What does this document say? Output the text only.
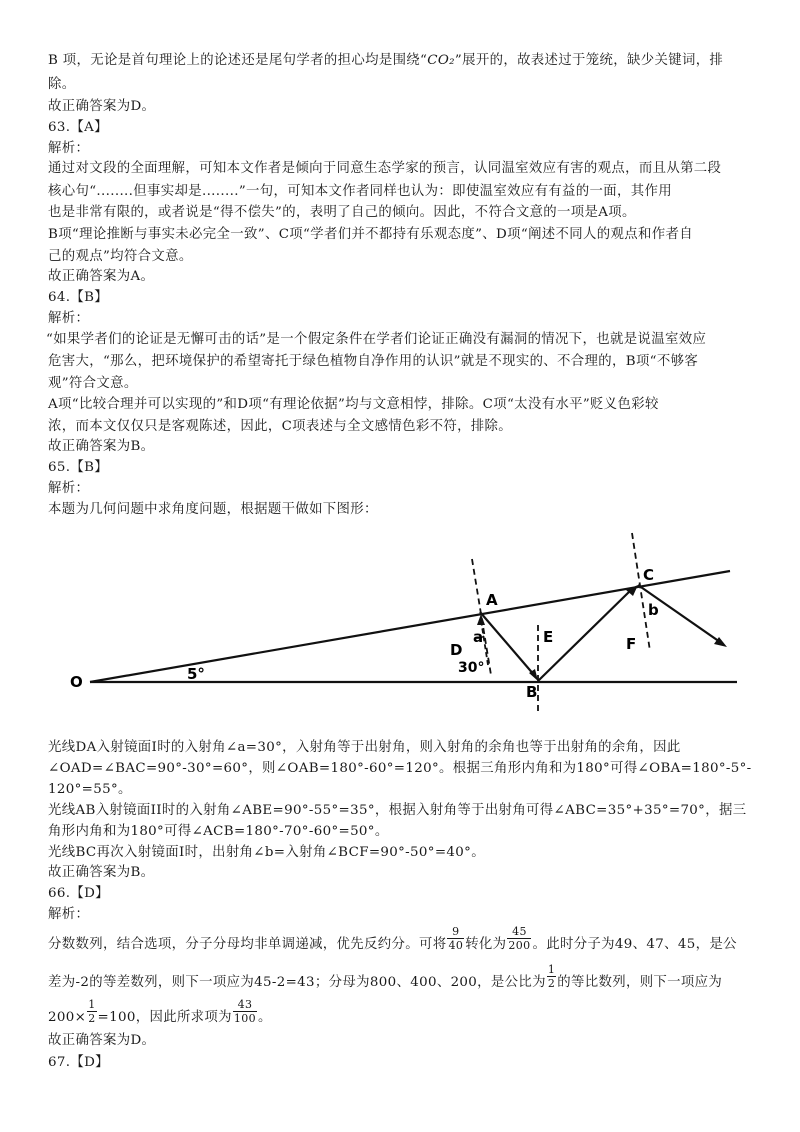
B 项，无论是首句理论上的论述还是尾句学者的担心均是围绕“CO₂”展开的，故表述过于笼统，缺少关键词，排
除。
故正确答案为D。
63.【A】
解析：
通过对文段的全面理解，可知本文作者是倾向于同意生态学家的预言，认同温室效应有害的观点，而且从第二段
核心句“........但事实却是........”一句，可知本文作者同样也认为：即使温室效应有有益的一面，其作用
也是非常有限的，或者说是“得不偿失”的，表明了自己的倾向。因此，不符合文意的一项是A项。
B项“理论推断与事实未必完全一致”、C项“学者们并不都持有乐观态度”、D项“阐述不同人的观点和作者自
己的观点”均符合文意。
故正确答案为A。
64.【B】
解析：
“如果学者们的论证是无懈可击的话”是一个假定条件在学者们论证正确没有漏洞的情况下，也就是说温室效应
危害大，“那么，把环境保护的希望寄托于绿色植物自净作用的认识”就是不现实的、不合理的，B项“不够客
观”符合文意。
A项“比较合理并可以实现的”和D项“有理论依据”均与文意相悖，排除。C项“太没有水平”贬义色彩较
浓，而本文仅仅只是客观陈述，因此，C项表述与全文感情色彩不符，排除。
故正确答案为B。
65.【B】
解析：
本题为几何问题中求角度问题，根据题干做如下图形：
O	5°
A
D
a
30°
E
B
C
b
F
光线DA入射镜面I时的入射角∠a=30°，入射角等于出射角，则入射角的余角也等于出射角的余角，因此
∠OAD=∠BAC=90°-30°=60°，则∠OAB=180°-60°=120°。根据三角形内角和为180°可得∠OBA=180°-5°-
120°=55°。
光线AB入射镜面II时的入射角∠ABE=90°-55°=35°，根据入射角等于出射角可得∠ABC=35°+35°=70°，据三
角形内角和为180°可得∠ACB=180°-70°-60°=50°。
光线BC再次入射镜面I时，出射角∠b=入射角∠BCF=90°-50°=40°。
故正确答案为B。
66.【D】
解析：
分数数列，结合选项，分子分母均非单调递减，优先反约分。可将 $\frac{9}{40}$ 转化为 $\frac{45}{200}$ 。此时分子为49、47、45，是公
差为-2的等差数列，则下一项应为45-2=43；分母为800、400、200，是公比为 $\frac{1}{2}$ 的等比数列，则下一项应为
$200\times \frac{1}{2} =100$，因此所求项为 $\frac{43}{100}$ 。
故正确答案为D。
67.【D】
